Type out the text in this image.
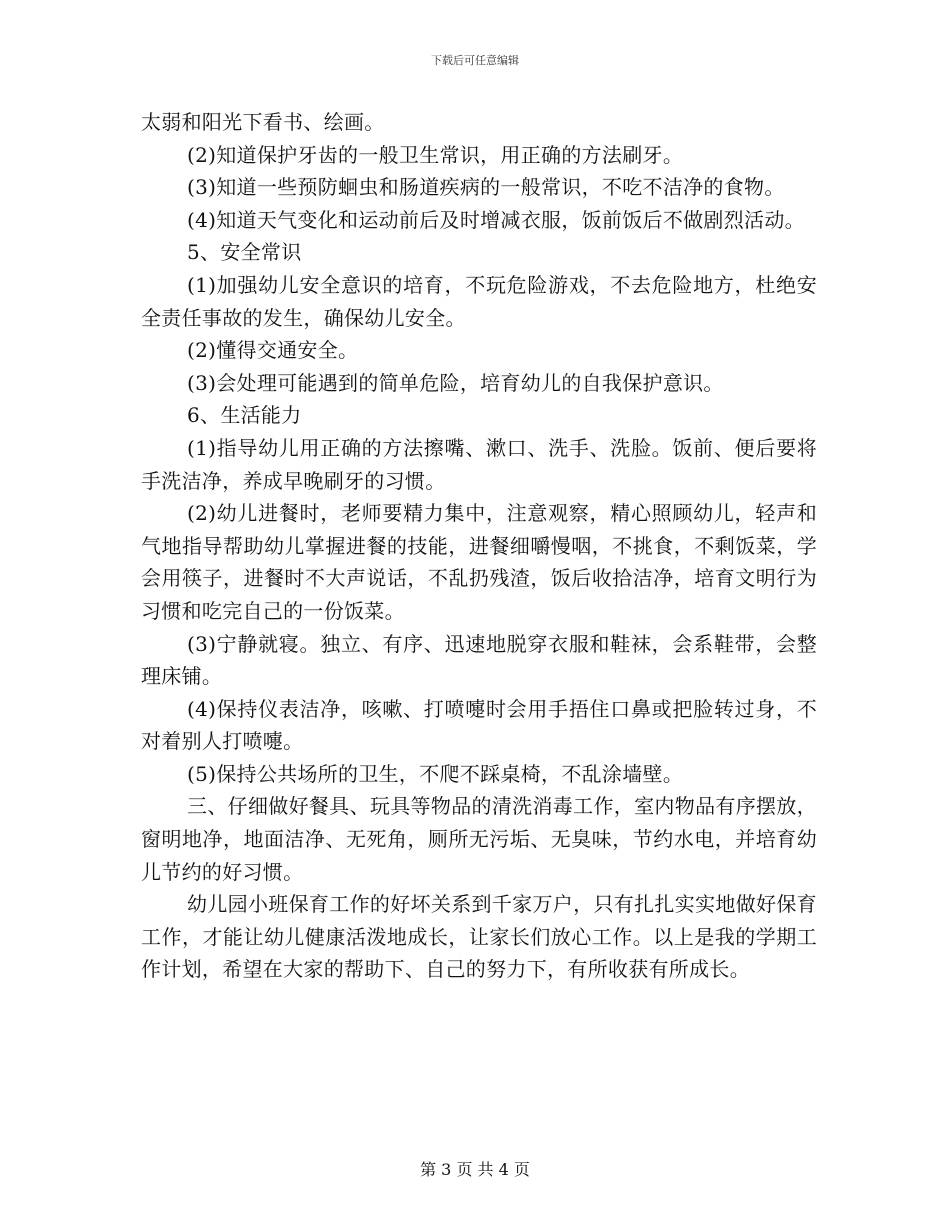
下载后可任意编辑

太弱和阳光下看书、绘画。

(2)知道保护牙齿的一般卫生常识，用正确的方法刷牙。

(3)知道一些预防蛔虫和肠道疾病的一般常识，不吃不洁净的食物。

(4)知道天气变化和运动前后及时增减衣服，饭前饭后不做剧烈活动。

5、安全常识

(1)加强幼儿安全意识的培育，不玩危险游戏，不去危险地方，杜绝安全责任事故的发生，确保幼儿安全。

(2)懂得交通安全。

(3)会处理可能遇到的简单危险，培育幼儿的自我保护意识。

6、生活能力

(1)指导幼儿用正确的方法擦嘴、漱口、洗手、洗脸。饭前、便后要将手洗洁净，养成早晚刷牙的习惯。

(2)幼儿进餐时，老师要精力集中，注意观察，精心照顾幼儿，轻声和气地指导帮助幼儿掌握进餐的技能，进餐细嚼慢咽，不挑食，不剩饭菜，学会用筷子，进餐时不大声说话，不乱扔残渣，饭后收拾洁净，培育文明行为习惯和吃完自己的一份饭菜。

(3)宁静就寝。独立、有序、迅速地脱穿衣服和鞋袜，会系鞋带，会整理床铺。

(4)保持仪表洁净，咳嗽、打喷嚏时会用手捂住口鼻或把脸转过身，不对着别人打喷嚏。

(5)保持公共场所的卫生，不爬不踩桌椅，不乱涂墙壁。

三、仔细做好餐具、玩具等物品的清洗消毒工作，室内物品有序摆放，窗明地净，地面洁净、无死角，厕所无污垢、无臭味，节约水电，并培育幼儿节约的好习惯。

幼儿园小班保育工作的好坏关系到千家万户，只有扎扎实实地做好保育工作，才能让幼儿健康活泼地成长，让家长们放心工作。以上是我的学期工作计划，希望在大家的帮助下、自己的努力下，有所收获有所成长。

第 3 页 共 4 页
